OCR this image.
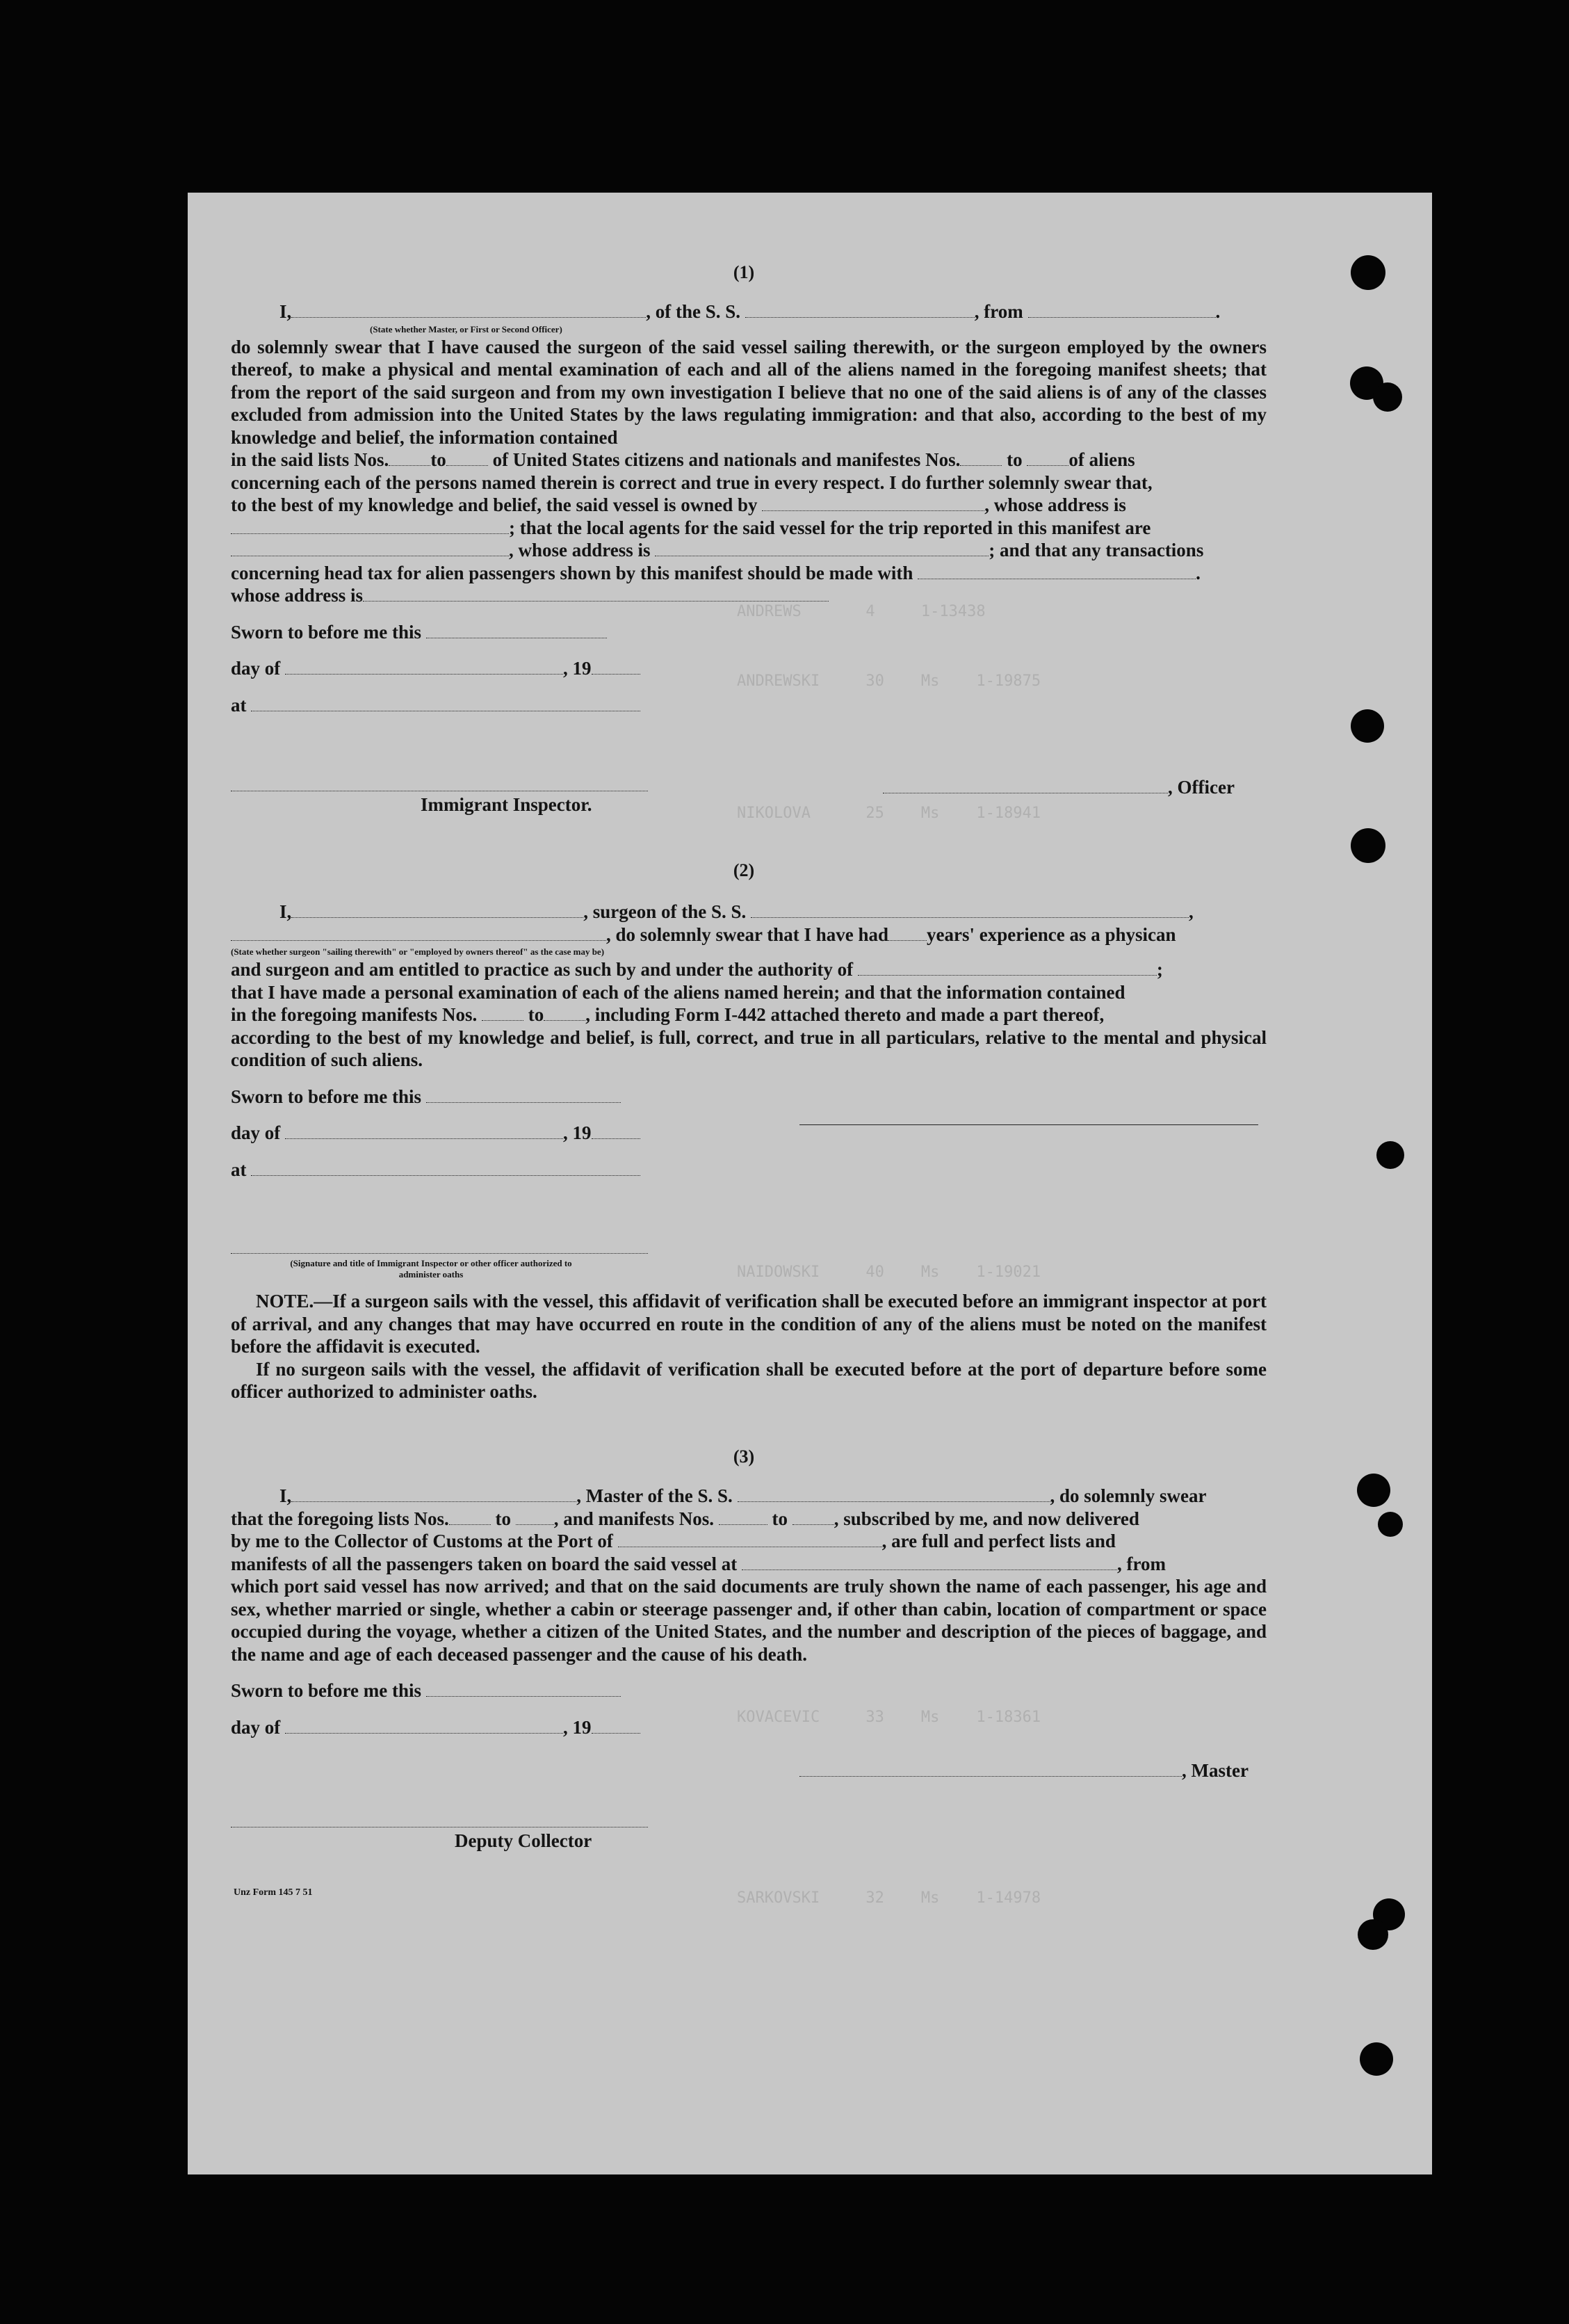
ANDREWS       4     1-13438
ANDREWSKI     30    Ms    1-19875
NIKOLOVA      25    Ms    1-18941
NAIDOWSKI     40    Ms    1-19021
KOVACEVIC     33    Ms    1-18361
SARKOVSKI     32    Ms    1-14978
(1)

I,	, of the S. S.	, from	.

(State whether Master, or First or Second Officer)

do solemnly swear that I have caused the surgeon of the said vessel sailing therewith, or the surgeon employed by the owners thereof, to make a physical and mental examination of each and all of the aliens named in the foregoing manifest sheets; that from the report of the said surgeon and from my own investigation I believe that no one of the said aliens is of any of the classes excluded from admission into the United States by the laws regulating immigration: and that also, according to the best of my knowledge and belief, the information contained

in the said lists Nos. to of United States citizens and nationals and manifestes Nos. to of aliens

concerning each of the persons named therein is correct and true in every respect. I do further solemnly swear that,

to the best of my knowledge and belief, the said vessel is owned by	, whose address is

; that the local agents for the said vessel for the trip reported in this manifest are

, whose address is	; and that any transactions

concerning head tax for alien passengers shown by this manifest should be made with	.

whose address is

Sworn to before me this

day of	, 19

at

, Officer
Immigrant Inspector.
(2)

I,	, surgeon of the S. S.	,

, do solemnly swear that I have had years' experience as a physican

(State whether surgeon "sailing therewith" or "employed by owners thereof" as the case may be)

and surgeon and am entitled to practice as such by and under the authority of	;

that I have made a personal examination of each of the aliens named herein; and that the information contained

in the foregoing manifests Nos.	to , including Form I-442 attached thereto and made a part thereof,

according to the best of my knowledge and belief, is full, correct, and true in all particulars, relative to the mental and physical condition of such aliens.

Sworn to before me this

day of	, 19

at

(Signature and title of Immigrant Inspector or other officer authorized to administer oaths

NOTE.—If a surgeon sails with the vessel, this affidavit of verification shall be executed before an immigrant inspector at port of arrival, and any changes that may have occurred en route in the condition of any of the aliens must be noted on the manifest before the affidavit is executed.

If no surgeon sails with the vessel, the affidavit of verification shall be executed before at the port of departure before some officer authorized to administer oaths.

(3)

I,	, Master of the S. S.	, do solemnly swear

that the foregoing lists Nos. to , and manifests Nos.	to , subscribed by me, and now delivered

by me to the Collector of Customs at the Port of	, are full and perfect lists and

manifests of all the passengers taken on board the said vessel at	, from

which port said vessel has now arrived; and that on the said documents are truly shown the name of each passenger, his age and sex, whether married or single, whether a cabin or steerage passenger and, if other than cabin, location of compartment or space occupied during the voyage, whether a citizen of the United States, and the number and description of the pieces of baggage, and the name and age of each deceased passenger and the cause of his death.

Sworn to before me this

day of	, 19

, Master
Deputy Collector
Unz Form 145 7 51
